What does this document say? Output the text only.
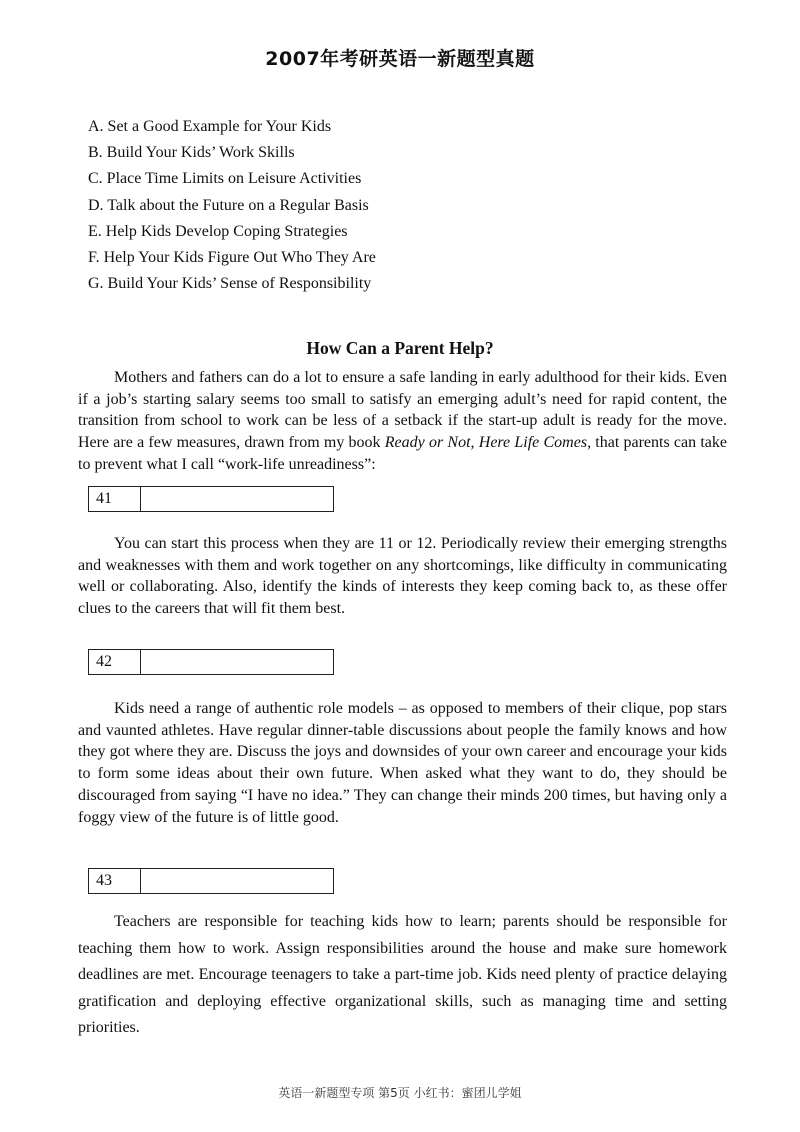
2007年考研英语一新题型真题
A. Set a Good Example for Your Kids
B. Build Your Kids’ Work Skills
C. Place Time Limits on Leisure Activities
D. Talk about the Future on a Regular Basis
E. Help Kids Develop Coping Strategies
F. Help Your Kids Figure Out Who They Are
G. Build Your Kids’ Sense of Responsibility
How Can a Parent Help?

Mothers and fathers can do a lot to ensure a safe landing in early adulthood for their kids. Even if a job’s starting salary seems too small to satisfy an emerging adult’s need for rapid content, the transition from school to work can be less of a setback if the start-up adult is ready for the move. Here are a few measures, drawn from my book Ready or Not, Here Life Comes, that parents can take to prevent what I call “work-life unreadiness”:

41

You can start this process when they are 11 or 12. Periodically review their emerging strengths and weaknesses with them and work together on any shortcomings, like difficulty in communicating well or collaborating. Also, identify the kinds of interests they keep coming back to, as these offer clues to the careers that will fit them best.

42

Kids need a range of authentic role models – as opposed to members of their clique, pop stars and vaunted athletes. Have regular dinner-table discussions about people the family knows and how they got where they are. Discuss the joys and downsides of your own career and encourage your kids to form some ideas about their own future. When asked what they want to do, they should be discouraged from saying “I have no idea.” They can change their minds 200 times, but having only a foggy view of the future is of little good.

43

Teachers are responsible for teaching kids how to learn; parents should be responsible for teaching them how to work. Assign responsibilities around the house and make sure homework deadlines are met. Encourage teenagers to take a part-time job. Kids need plenty of practice delaying gratification and deploying effective organizational skills, such as managing time and setting priorities.

英语一新题型专项 第5页 小红书：蜜团儿学姐
